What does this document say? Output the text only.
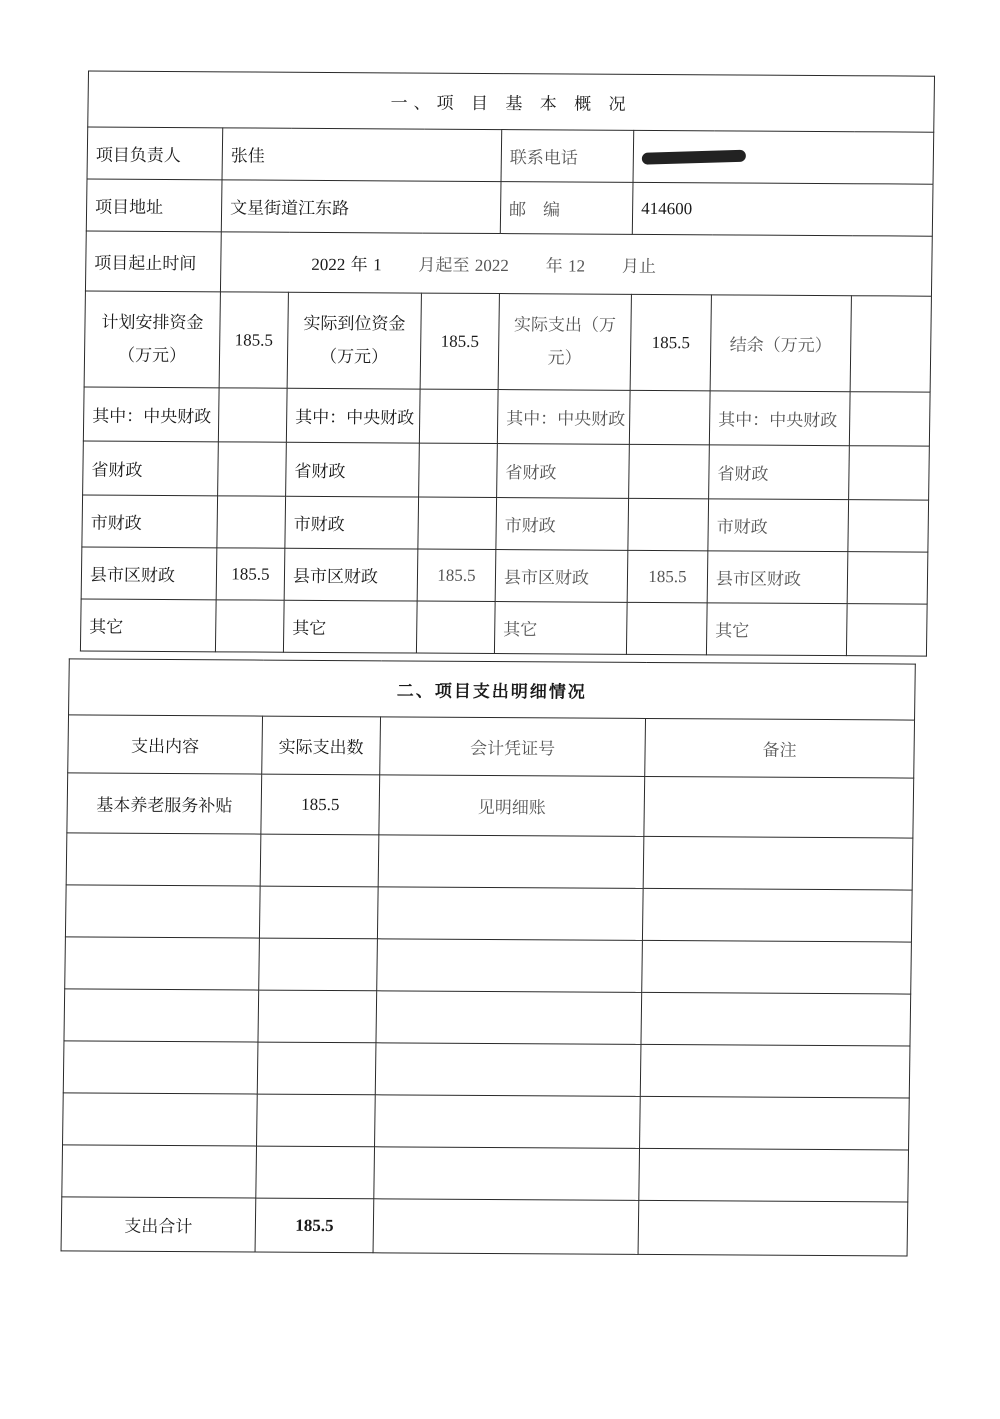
一、项 目 基 本 概 况							
项目负责人	张佳			联系电话			
项目地址	文星街道江东路			邮　编	414600		
项目起止时间	2022 年 1 月起至 2022 年 12 月止						
计划安排资金（万元）	185.5	实际到位资金（万元）	185.5	实际支出（万元）	185.5	结余（万元）	
其中：中央财政		其中：中央财政		其中：中央财政		其中：中央财政	
省财政		省财政		省财政		省财政	
市财政		市财政		市财政		市财政	
县市区财政	185.5	县市区财政	185.5	县市区财政	185.5	县市区财政	
其它		其它		其它		其它	
二、项目支出明细情况			
支出内容	实际支出数	会计凭证号	备注
基本养老服务补贴	185.5	见明细账	

支出合计	185.5		
